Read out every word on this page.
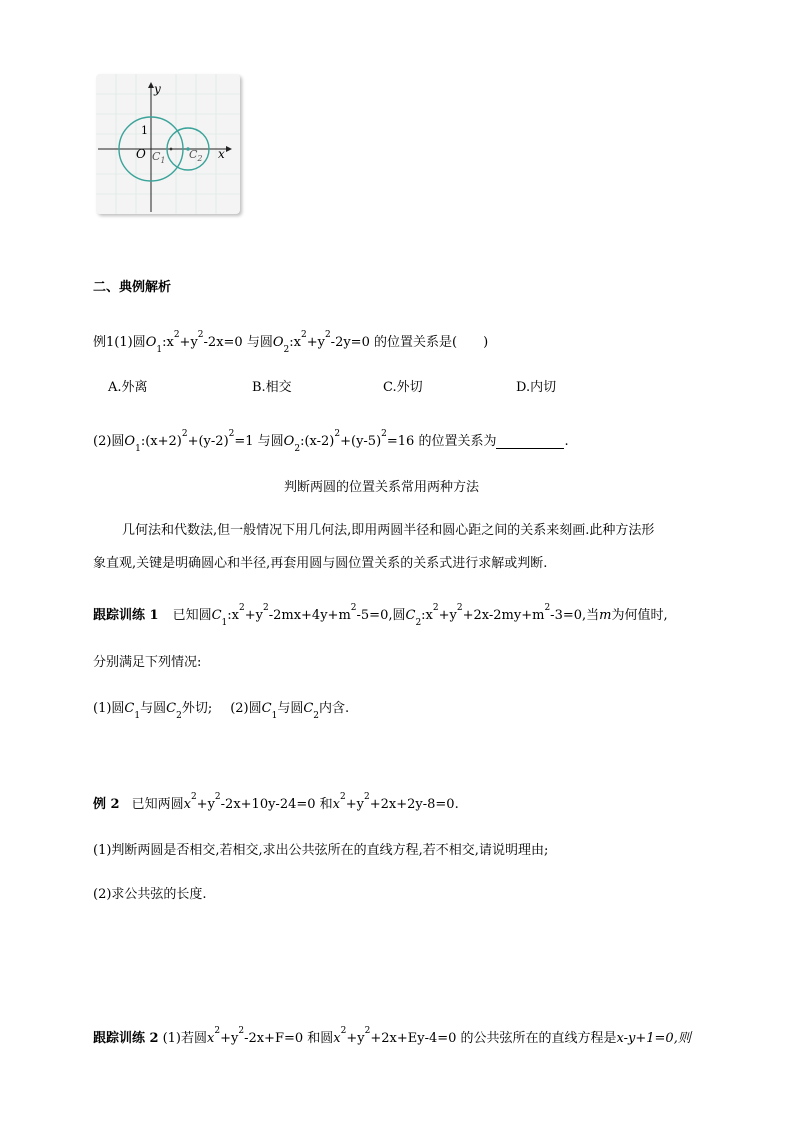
y
x
1
O $C_1$ $C_2$
二、典例解析
例1(1)圆$O_1:x^2+y^2-2x=0$ 与圆$O_2:x^2+y^2-2y=0$ 的位置关系是( )
A.外离	B.相交	C.外切	D.内切
(2)圆$O_1:(x+2)^2+(y-2)^2=1$ 与圆$O_2:(x-2)^2+(y-5)^2=16$ 的位置关系为	.
判断两圆的位置关系常用两种方法
几何法和代数法,但一般情况下用几何法,即用两圆半径和圆心距之间的关系来刻画.此种方法形
象直观,关键是明确圆心和半径,再套用圆与圆位置关系的关系式进行求解或判断.
跟踪训练 1 已知圆$C_1:x^2+y^2-2mx+4y+m^2-5=0$,圆$C_2:x^2+y^2+2x-2my+m^2-3=0$,当m为何值时,
分别满足下列情况:
(1)圆$C_1$与圆$C_2$外切; (2)圆$C_1$与圆$C_2$内含.
例 2 已知两圆$x^2+y^2-2x+10y-24=0$ 和$x^2+y^2+2x+2y-8=0$.
(1)判断两圆是否相交,若相交,求出公共弦所在的直线方程,若不相交,请说明理由;
(2)求公共弦的长度.
跟踪训练 2 (1)若圆$x^2+y^2-2x+F=0$ 和圆$x^2+y^2+2x+Ey-4=0$ 的公共弦所在的直线方程是x-y+1=0,则
